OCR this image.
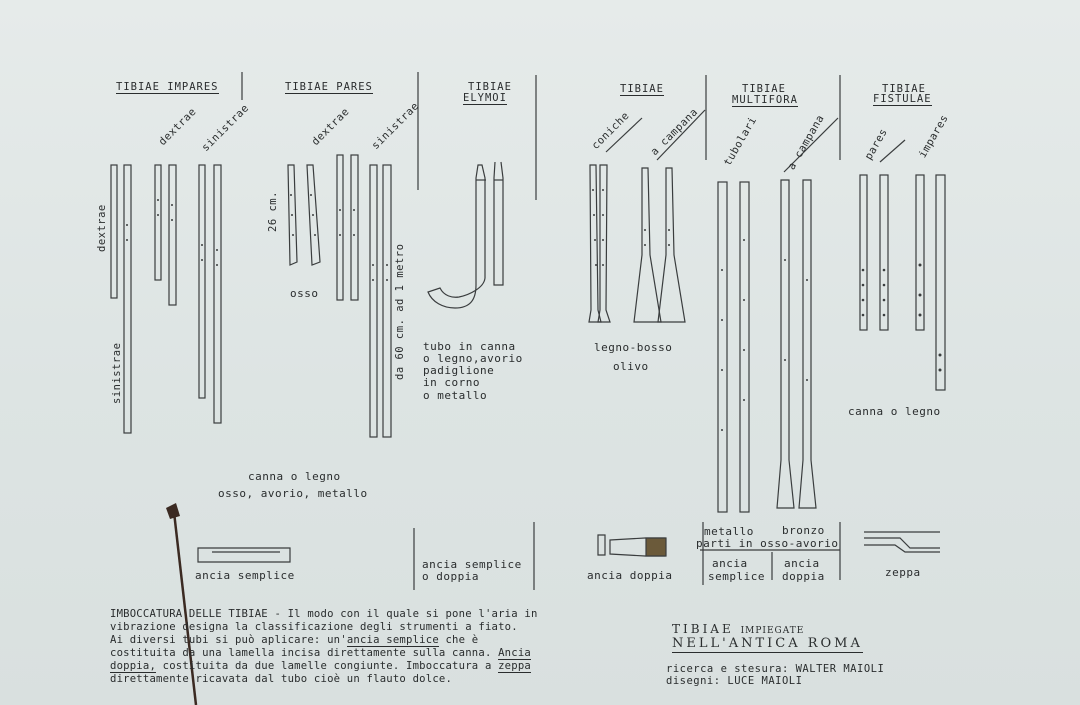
TIBIAE IMPARES	TIBIAE PARES	TIBIAE
ELYMOI
TIBIAE	TIBIAE
MULTIFORA
TIBIAE
FISTULAE
dextrae sinistrae	dextrae sinistrae	coniche a campana tubolari	a campana	pares	impares
dextrae
sinistrae
26 cm.
da 60 cm. ad 1 metro
osso
tubo in canna
o legno,avorio
padiglione
in corno
o metallo
legno-bosso
olivo
canna o legno
canna o legno
osso, avorio, metallo
metallo	bronzo
parti in osso-avorio
ancia semplice
ancia semplice
o doppia	ancia doppia
ancia
semplice
ancia
doppia	zeppa
IMBOCCATURA DELLE TIBIAE - Il modo con il quale si pone l'aria in
vibrazione designa la classificazione degli strumenti a fiato.
Ai diversi tubi si può aplicare: un'ancia semplice che è
costituita da una lamella incisa direttamente sulla canna. Ancia
doppia, costituita da due lamelle congiunte. Imboccatura a zeppa
direttamente ricavata dal tubo cioè un flauto dolce.
TIBIAE IMPIEGATE
NELL'ANTICA ROMA
ricerca e stesura: WALTER MAIOLI
disegni: LUCE MAIOLI
